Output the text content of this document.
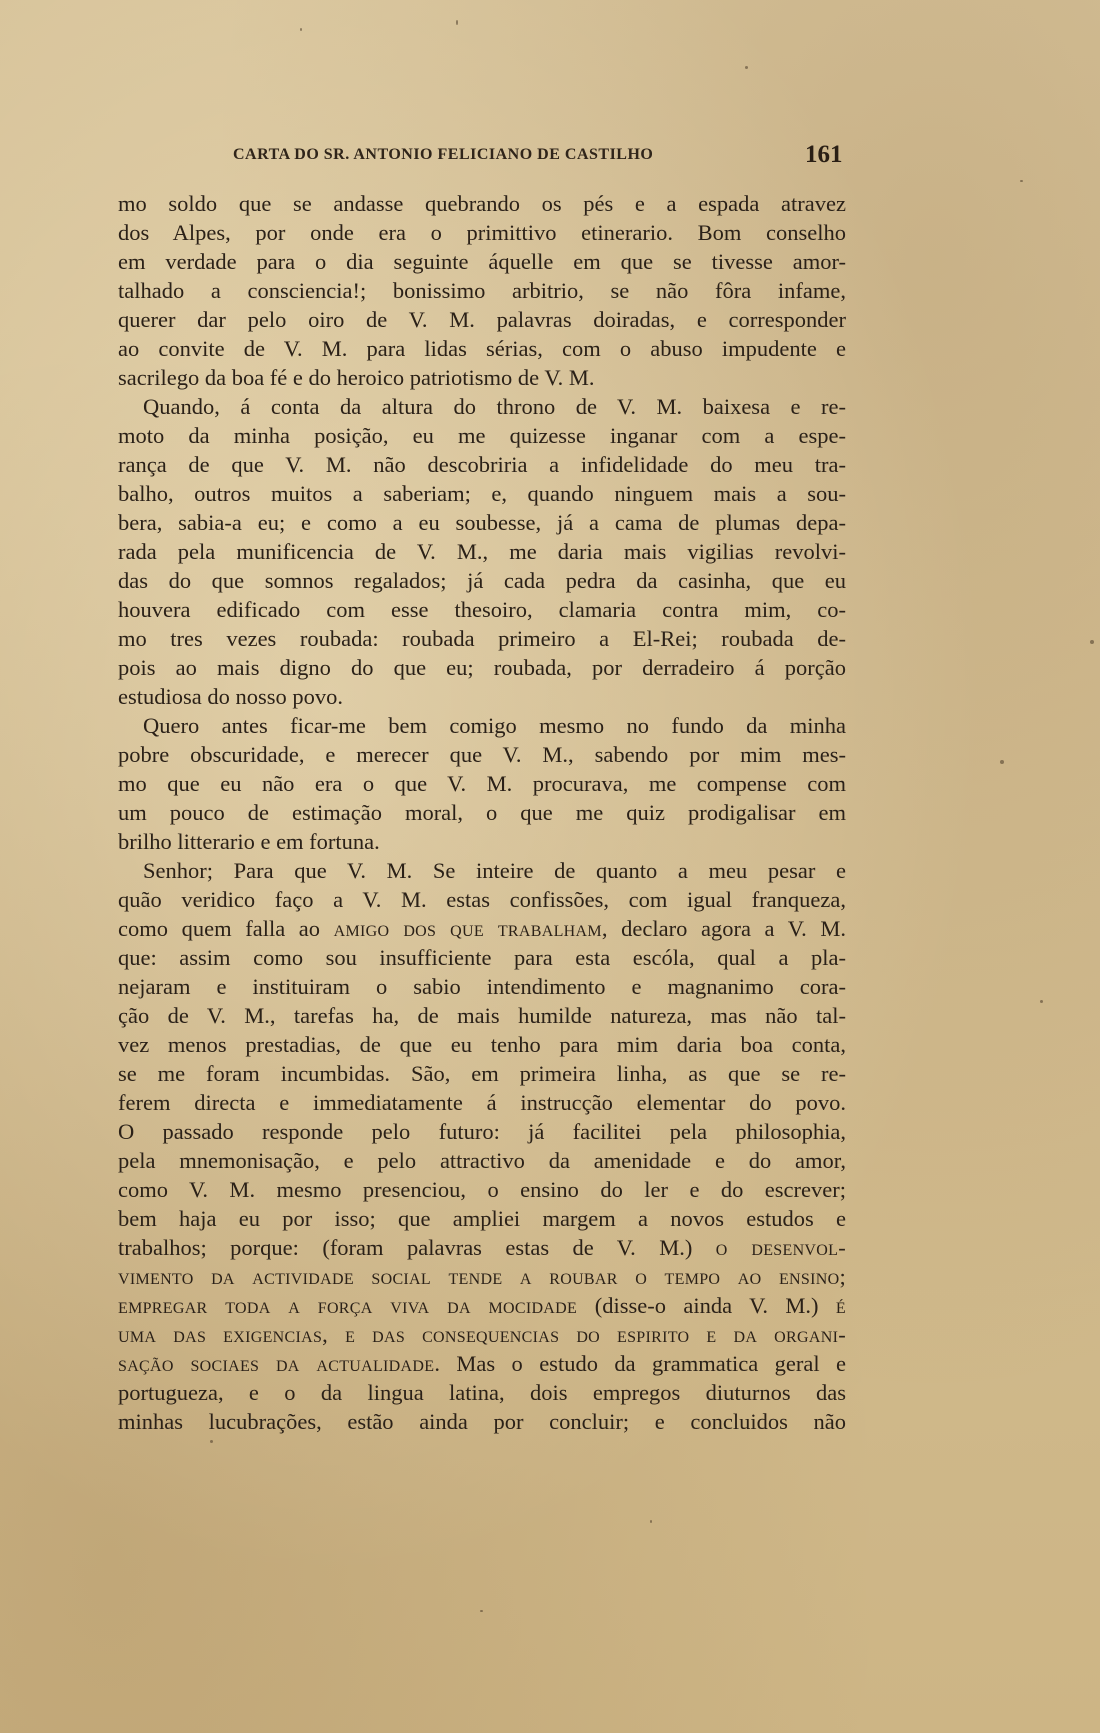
CARTA DO SR. ANTONIO FELICIANO DE CASTILHO	161
mo soldo que se andasse quebrando os pés e a espada atravez
dos Alpes, por onde era o primittivo etinerario. Bom conselho
em verdade para o dia seguinte áquelle em que se tivesse amor-
talhado a consciencia!; bonissimo arbitrio, se não fôra infame,
querer dar pelo oiro de V. M. palavras doiradas, e corresponder
ao convite de V. M. para lidas sérias, com o abuso impudente e
sacrilego da boa fé e do heroico patriotismo de V. M.
Quando, á conta da altura do throno de V. M. baixesa e re-
moto da minha posição, eu me quizesse inganar com a espe-
rança de que V. M. não descobriria a infidelidade do meu tra-
balho, outros muitos a saberiam; e, quando ninguem mais a sou-
bera, sabia-a eu; e como a eu soubesse, já a cama de plumas depa-
rada pela munificencia de V. M., me daria mais vigilias revolvi-
das do que somnos regalados; já cada pedra da casinha, que eu
houvera edificado com esse thesoiro, clamaria contra mim, co-
mo tres vezes roubada: roubada primeiro a El-Rei; roubada de-
pois ao mais digno do que eu; roubada, por derradeiro á porção
estudiosa do nosso povo.
Quero antes ficar-me bem comigo mesmo no fundo da minha
pobre obscuridade, e merecer que V. M., sabendo por mim mes-
mo que eu não era o que V. M. procurava, me compense com
um pouco de estimação moral, o que me quiz prodigalisar em
brilho litterario e em fortuna.
Senhor; Para que V. M. Se inteire de quanto a meu pesar e
quão veridico faço a V. M. estas confissões, com igual franqueza,
como quem falla ao amigo dos que trabalham, declaro agora a V. M.
que: assim como sou insufficiente para esta escóla, qual a pla-
nejaram e instituiram o sabio intendimento e magnanimo cora-
ção de V. M., tarefas ha, de mais humilde natureza, mas não tal-
vez menos prestadias, de que eu tenho para mim daria boa conta,
se me foram incumbidas. São, em primeira linha, as que se re-
ferem directa e immediatamente á instrucção elementar do povo.
O passado responde pelo futuro: já facilitei pela philosophia,
pela mnemonisação, e pelo attractivo da amenidade e do amor,
como V. M. mesmo presenciou, o ensino do ler e do escrever;
bem haja eu por isso; que ampliei margem a novos estudos e
trabalhos; porque: (foram palavras estas de V. M.) o desenvol-
vimento da actividade social tende a roubar o tempo ao ensino;
empregar toda a força viva da mocidade (disse-o ainda V. M.) é
uma das exigencias, e das consequencias do espirito e da organi-
sação sociaes da actualidade. Mas o estudo da grammatica geral e
portugueza, e o da lingua latina, dois empregos diuturnos das
minhas lucubrações, estão ainda por concluir; e concluidos não
